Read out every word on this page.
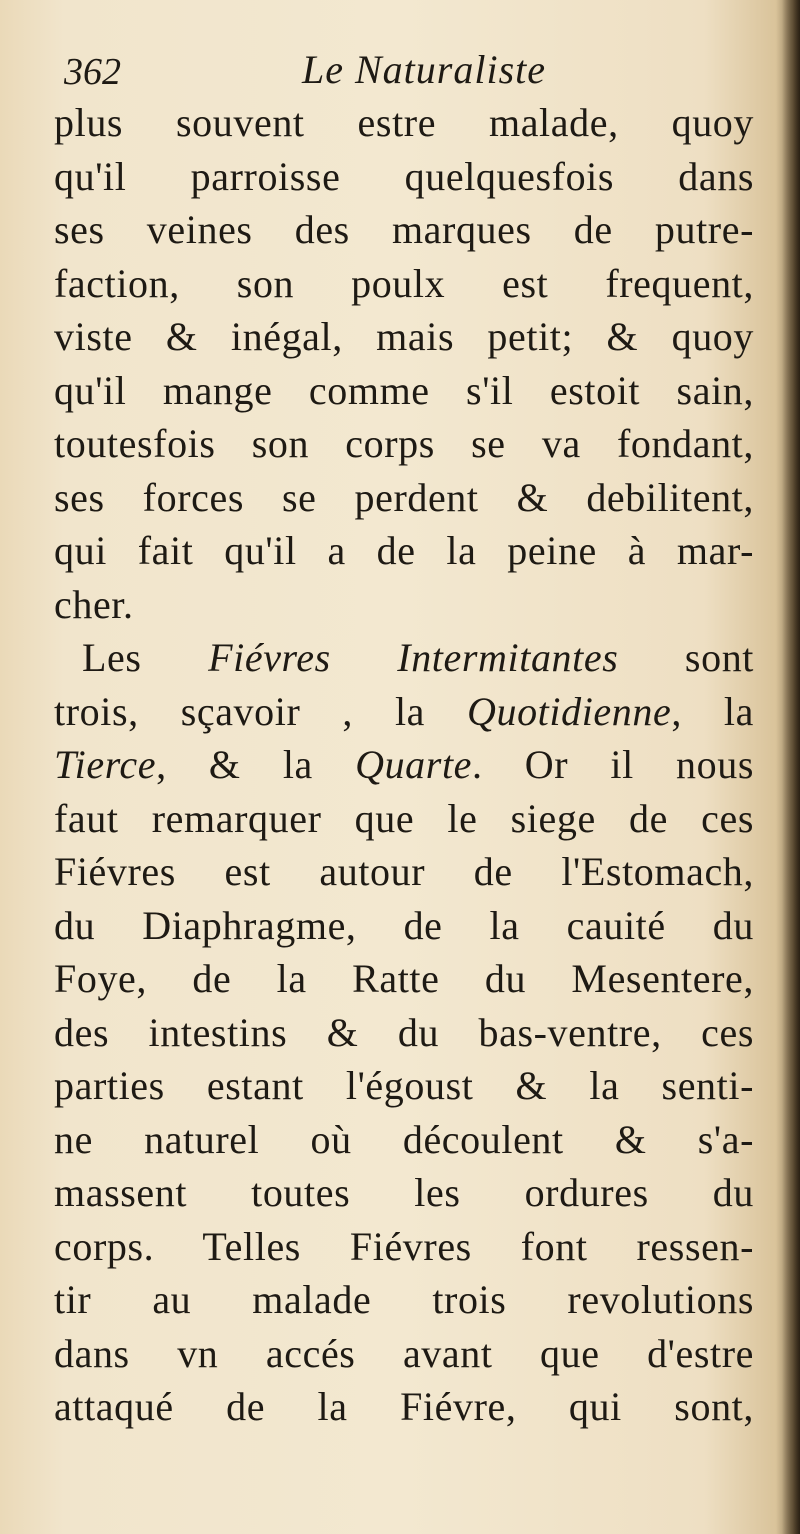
362	Le Naturaliste
plus souvent estre malade, quoy
qu'il parroisse quelquesfois dans
ses veines des marques de putre-
faction, son poulx est frequent,
viste & inégal, mais petit; & quoy
qu'il mange comme s'il estoit sain,
toutesfois son corps se va fondant,
ses forces se perdent & debilitent,
qui fait qu'il a de la peine à mar-
cher.
Les Fiévres Intermitantes sont
trois, sçavoir , la Quotidienne, la
Tierce, & la Quarte. Or il nous
faut remarquer que le siege de ces
Fiévres est autour de l'Estomach,
du Diaphragme, de la cauité du
Foye, de la Ratte du Mesentere,
des intestins & du bas-ventre, ces
parties estant l'égoust & la senti-
ne naturel où découlent & s'a-
massent toutes les ordures du
corps. Telles Fiévres font ressen-
tir au malade trois revolutions
dans vn accés avant que d'estre
attaqué de la Fiévre, qui sont,
